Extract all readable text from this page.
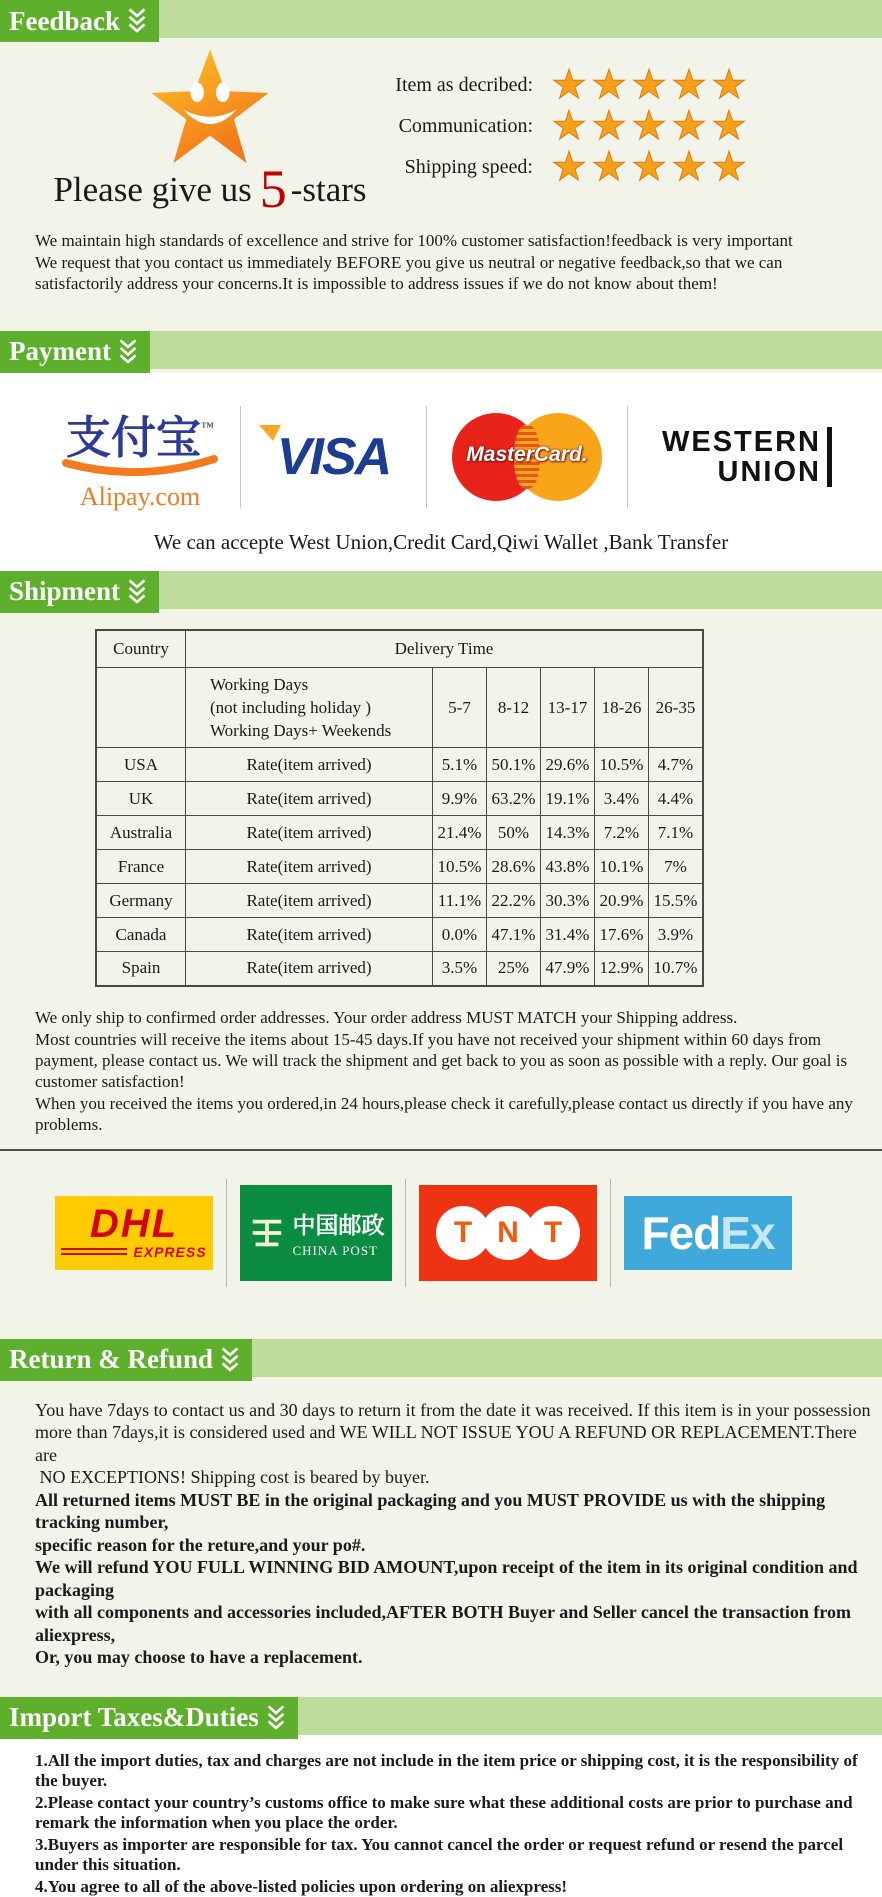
Feedback
Please give us 5 -stars
Item as decribed: ★ ★ ★ ★ ★
Communication: ★ ★ ★ ★ ★
Shipping speed: ★ ★ ★ ★ ★
We maintain high standards of excellence and strive for 100% customer satisfaction!feedback is very important
We request that you contact us immediately BEFORE you give us neutral or negative feedback,so that we can
satisfactorily address your concerns.It is impossible to address issues if we do not know about them!
Payment
支付宝™
Alipay.com
VISA	MasterCard.	WESTERN
UNION
We can accepte West Union,Credit Card,Qiwi Wallet ,Bank Transfer
Shipment
Country	Delivery Time					

	Working Days
(not including holiday )
Working Days+ Weekends	5-7	8-12	13-17	18-26	26-35
USA	Rate(item arrived)	5.1%	50.1%	29.6%	10.5%	4.7%
UK	Rate(item arrived)	9.9%	63.2%	19.1%	3.4%	4.4%
Australia	Rate(item arrived)	21.4%	50%	14.3%	7.2%	7.1%
France	Rate(item arrived)	10.5%	28.6%	43.8%	10.1%	7%
Germany	Rate(item arrived)	11.1%	22.2%	30.3%	20.9%	15.5%
Canada	Rate(item arrived)	0.0%	47.1%	31.4%	17.6%	3.9%
Spain	Rate(item arrived)	3.5%	25%	47.9%	12.9%	10.7%

We only ship to confirmed order addresses. Your order address MUST MATCH your Shipping address.

Most countries will receive the items about 15-45 days.If you have not received your shipment within 60 days from payment, please contact us. We will track the shipment and get back to you as soon as possible with a reply. Our goal is customer satisfaction!

When you received the items you ordered,in 24 hours,please check it carefully,please contact us directly if you have any problems.

DHL
EXPRESS
中国邮政
CHINA POST
T N T	Fed Ex
Return & Refund
You have 7days to contact us and 30 days to return it from the date it was received. If this item is in your possession
more than 7days,it is considered used and WE WILL NOT ISSUE YOU A REFUND OR REPLACEMENT.There are
NO EXCEPTIONS! Shipping cost is beared by buyer.
All returned items MUST BE in the original packaging and you MUST PROVIDE us with the shipping tracking number,
specific reason for the reture,and your po#.
We will refund YOU FULL WINNING BID AMOUNT,upon receipt of the item in its original condition and packaging
with all components and accessories included,AFTER BOTH Buyer and Seller cancel the transaction from aliexpress,
Or, you may choose to have a replacement.
Import Taxes&Duties

1.All the import duties, tax and charges are not include in the item price or shipping cost, it is the responsibility of the buyer.

2.Please contact your country’s customs office to make sure what these additional costs are prior to purchase and remark the information when you place the order.

3.Buyers as importer are responsible for tax. You cannot cancel the order or request refund or resend the parcel under this situation.

4.You agree to all of the above-listed policies upon ordering on aliexpress!
